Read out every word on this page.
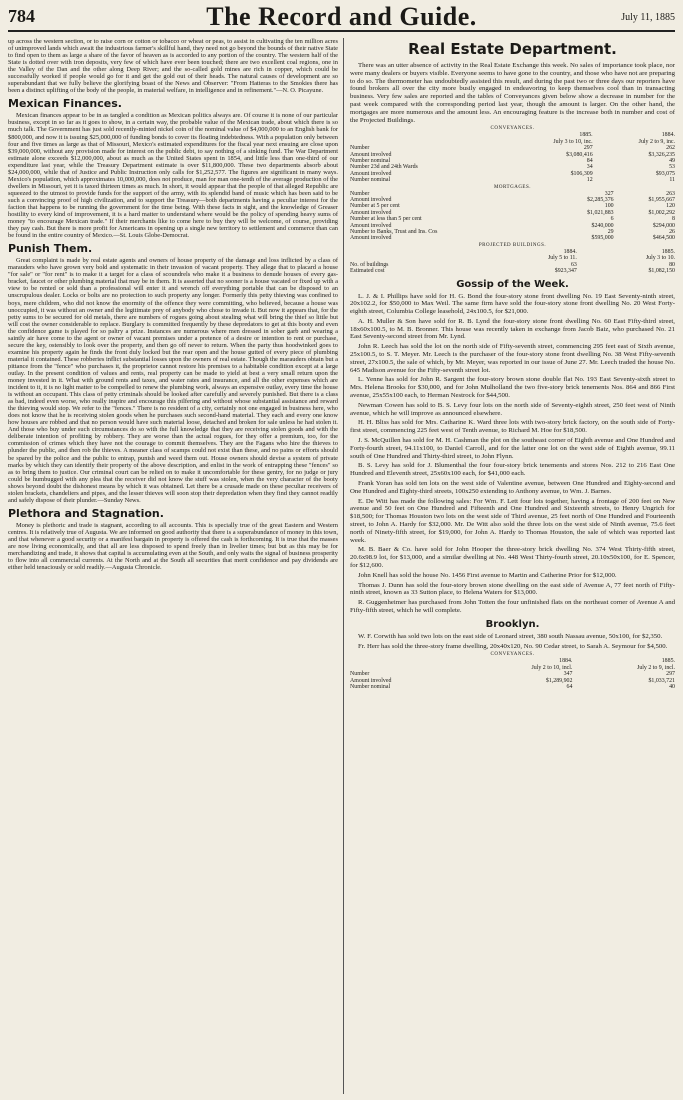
784	The Record and Guide.	July 11, 1885

up across the western section, or to raise corn or cotton or tobacco or wheat or peas, to assist in cultivating the ten million acres of unimproved lands which await the industrious farmer's skillful hand, they need not go beyond the bounds of their native State to find open to them as large a share of the favor of heaven as is accorded to any portion of the country. The western half of the State is dotted over with iron deposits, very few of which have ever been touched; there are two excellent coal regions, one in the Valley of the Dan and the other along Deep River; and the so-called gold mines are rich in copper, which could be successfully worked if people would go for it and get the gold out of their heads. The natural causes of development are so superabundant that we fully believe the glorifying boast of the News and Observer: "From Hatteras to the Smokies there has been a distinct uplifting of the body of the people, in material welfare, in intelligence and in refinement."—N. O. Picayune.

Mexican Finances.

Mexican finances appear to be in as tangled a condition as Mexican politics always are. Of course it is none of our particular business, except in so far as it goes to show, in a certain way, the probable value of the Mexican trade, about which there is so much talk. The Government has just sold recently-minted nickel coin of the nominal value of $4,000,000 to an English bank for $800,000, and now it is issuing $25,000,000 of funding bonds to cover its floating indebtedness. With a population only between four and five times as large as that of Missouri, Mexico's estimated expenditures for the fiscal year next ensuing are close upon $39,000,000, without any provision made for interest on the public debt, to say nothing of a sinking fund. The War Department estimate alone exceeds $12,000,000, about as much as the United States spent in 1854, and little less than one-third of our expenditure last year, while the Treasury Department estimate is over $11,800,000. These two departments absorb about $24,000,000, while that of Justice and Public Instruction only calls for $1,252,577. The figures are significant in many ways. Mexico's population, which approximates 10,000,000, does not produce, man for man one-tenth of the average production of the dwellers in Missouri, yet it is taxed thirteen times as much. In short, it would appear that the people of that alleged Republic are squeezed to the utmost to provide funds for the support of the army, with its splendid band of music which has been said to be such a convincing proof of high civilization, and to support the Treasury—both departments having a peculiar interest for the faction that happens to be running the government for the time being. With these facts in sight, and the knowledge of Greaser hostility to every kind of improvement, it is a hard matter to understand where would be the policy of spending heavy sums of money "to encourage Mexican trade." If their merchants like to come here to buy they will be welcome, of course, providing they pay cash. But there is more profit for Americans in opening up a single new territory to settlement and commerce than can be found in the entire country of Mexico.—St. Louis Globe-Democrat.

Punish Them.

Great complaint is made by real estate agents and owners of house property of the damage and loss inflicted by a class of marauders who have grown very bold and systematic in their invasion of vacant property. They allege that to placard a house "for sale" or "for rent" is to make it a target for a class of scoundrels who make it a business to denude houses of every gas-bracket, faucet or other plumbing material that may be in them. It is asserted that no sooner is a house vacated or fixed up with a view to be rented or sold than a professional will enter it and wrench off everything portable that can be disposed to an unscrupulous dealer. Locks or bolts are no protection to such property any longer. Formerly this petty thieving was confined to boys, mere children, who did not know the enormity of the offence they were committing, who believed, because a house was unoccupied, it was without an owner and the legitimate prey of anybody who chose to invade it. But now it appears that, for the petty sums to be secured for old metals, there are numbers of rogues going about stealing what will bring the thief so little but will cost the owner considerable to replace. Burglary is committed frequently by these depredators to get at this booty and even the confidence game is played for so paltry a prize. Instances are numerous where men dressed in sober garb and wearing a saintly air have come to the agent or owner of vacant premises under a pretence of a desire or intention to rent or purchase, secure the key, ostensibly to look over the property, and then go off never to return. When the party thus hoodwinked goes to examine his property again he finds the front duly locked but the rear open and the house gutted of every piece of plumbing material it contained. These robberies inflict substantial losses upon the owners of real estate. Though the marauders obtain but a pittance from the "fence" who purchases it, the proprietor cannot restore his premises to a habitable condition except at a large outlay. In the present condition of values and rents, real property can be made to yield at best a very small return upon the money invested in it. What with ground rents and taxes, and water rates and insurance, and all the other expenses which are incident to it, it is no light matter to be compelled to renew the plumbing work, always an expensive outlay, every time the house is without an occupant. This class of petty criminals should be looked after carefully and severely punished. But there is a class as bad, indeed even worse, who really inspire and encourage this pilfering and without whose substantial assistance and reward the thieving would stop. We refer to the "fences." There is no resident of a city, certainly not one engaged in business here, who does not know that he is receiving stolen goods when he purchases such second-hand material. They each and every one know how houses are robbed and that no person would have such material loose, detached and broken for sale unless he had stolen it. And those who buy under such circumstances do so with the full knowledge that they are receiving stolen goods and with the deliberate intention of profiting by robbery. They are worse than the actual rogues, for they offer a premium, too, for the commission of crimes which they have not the courage to commit themselves. They are the Fagans who hire the thieves to plunder the public, and then rob the thieves. A meaner class of scamps could not exist than these, and no pains or efforts should be spared by the police and the public to entrap, punish and weed them out. House owners should devise a system of private marks by which they can identify their property of the above description, and enlist in the work of entrapping these "fences" so as to bring them to justice. Our criminal court can be relied on to make it uncomfortable for these gentry, for no judge or jury could be humbugged with any plea that the receiver did not know the stuff was stolen, when the very character of the booty shows beyond doubt the dishonest means by which it was obtained. Let there be a crusade made on these peculiar receivers of stolen brackets, chandeliers and pipes, and the lesser thieves will soon stop their depredation when they find they cannot readily and safely dispose of their plunder.—Sunday News.

Plethora and Stagnation.

Money is plethoric and trade is stagnant, according to all accounts. This is specially true of the great Eastern and Western centres. It is relatively true of Augusta. We are informed on good authority that there is a superabundance of money in this town, and that whenever a good security or a manifest bargain in property is offered the cash is forthcoming. It is true that the masses are now living economically, and that all are less disposed to spend freely than in livelier times; but but as this may be for merchandizing and trade, it shows that capital is accumulating even at the South, and only waits the signal of business prosperity to flow into all commercial currents. At the North and at the South all securities that merit confidence and pay dividends are either held tenaciously or sold readily.—Augusta Chronicle.

Real Estate Department.

There was an utter absence of activity in the Real Estate Exchange this week. No sales of importance took place, nor were many dealers or buyers visible. Everyone seems to have gone to the country, and those who have not are preparing to do so. The thermometer has undoubtedly assisted this result, and during the past two or three days our reporters have found brokers all over the city more busily engaged in endeavoring to keep themselves cool than in transacting business. Very few sales are reported and the tables of Conveyances given below show a decrease in number for the past week compared with the corresponding period last year, though the amount is larger. On the other hand, the mortgages are more numerous and the amount less. An encouraging feature is the increase both in number and cost of the Projected Buildings.

CONVEYANCES.
	1885.	1884.
	July 3 to 10, inc.	July 2 to 9, inc.
Number	297	262
Amount involved	$3,080,416	$3,326,235
Number nominal	84	49
Number 23d and 24th Wards	34	53
Amount involved	$106,309	$93,075
Number nominal	12	11
MORTGAGES.
Number	327	263
Amount involved	$2,285,376	$1,955,667
Number at 5 per cent	100	120
Amount involved	$1,021,883	$1,002,292
Number at less than 5 per cent	6	8
Amount involved	$240,000	$294,000
Number to Banks, Trust and Ins. Cos	29	26
Amount involved	$595,000	$464,500
PROJECTED BUILDINGS.
	1884.	1885.
	July 5 to 11.	July 3 to 10.
No. of buildings	63	80
Estimated cost	$923,347	$1,082,150
Gossip of the Week.

L. J. & I. Phillips have sold for H. G. Bond the four-story stone front dwelling No. 19 East Seventy-ninth street, 20x102.2, for $50,000 to Max Weil. The same firm have sold the four-story stone front dwelling No. 20 West Forty-eighth street, Columbia College leasehold, 24x100.5, for $21,000.

A. H. Muller & Son have sold for R. B. Lynd the four-story stone front dwelling No. 60 East Fifty-third street, 18x60x100.5, to M. B. Bronner. This house was recently taken in exchange from Jacob Baiz, who purchased No. 21 East Seventy-second street from Mr. Lynd.

John R. Leech has sold the lot on the north side of Fifty-seventh street, commencing 295 feet east of Sixth avenue, 25x100.5, to S. T. Meyer. Mr. Leech is the purchaser of the four-story stone front dwelling No. 38 West Fifty-seventh street, 27x100.5, the sale of which, by Mr. Meyer, was reported in our issue of June 27. Mr. Leech traded the house No. 645 Madison avenue for the Fifty-seventh street lot.

L. Yenne has sold for John R. Sargent the four-story brown stone double flat No. 193 East Seventy-sixth street to Mrs. Helena Brooks for $30,000, and for John Mulholland the two five-story brick tenements Nos. 864 and 866 First avenue, 25x55x100 each, to Herman Nestrock for $44,500.

Newman Cowen has sold to B. S. Levy four lots on the north side of Seventy-eighth street, 250 feet west of Ninth avenue, which he will improve as announced elsewhere.

H. H. Bliss has sold for Mrs. Catharine K. Ward three lots with two-story brick factory, on the south side of Forty-first street, commencing 225 feet west of Tenth avenue, to Richard M. Hoe for $18,500.

J. S. McQuillen has sold for M. H. Cashman the plot on the southeast corner of Eighth avenue and One Hundred and Forty-fourth street, 94.11x100, to Daniel Carroll, and for the latter one lot on the west side of Eighth avenue, 99.11 south of One Hundred and Thirty-third street, to John Flynn.

B. S. Levy has sold for J. Blumenthal the four four-story brick tenements and stores Nos. 212 to 216 East One Hundred and Eleventh street, 25x60x100 each, for $41,000 each.

Frank Yoran has sold ten lots on the west side of Valentine avenue, between One Hundred and Eighty-second and One Hundred and Eighty-third streets, 100x250 extending to Anthony avenue, to Wm. J. Barnes.

E. De Witt has made the following sales: For Wm. F. Lett four lots together, having a frontage of 200 feet on New avenue and 50 feet on One Hundred and Fifteenth and One Hundred and Sixteenth streets, to Henry Ungrich for $18,500; for Thomas Houston two lots on the west side of Third avenue, 25 feet north of One Hundred and Fourteenth street, to John A. Hardy for $32,000. Mr. De Witt also sold the three lots on the west side of Ninth avenue, 75.6 feet north of Ninety-fifth street, for $19,000, for John A. Hardy to Thomas Houston, the sale of which was reported last week.

M. B. Baer & Co. have sold for John Hooper the three-story brick dwelling No. 374 West Thirty-fifth street, 20.6x98.9 lot, for $13,000, and a similar dwelling at No. 448 West Thirty-fourth street, 20.10x50x100, for E. Spencer, for $12,600.

John Knell has sold the house No. 1456 First avenue to Martin and Catherine Prior for $12,000.

Thomas J. Dunn has sold the four-story brown stone dwelling on the east side of Avenue A, 77 feet north of Fifty-ninth street, known as 33 Sutton place, to Helena Waters for $13,000.

R. Guggenheimer has purchased from John Totten the four unfinished flats on the northeast corner of Avenue A and Fifty-fifth street, which he will complete.

Brooklyn.

W. F. Corwith has sold two lots on the east side of Leonard street, 380 south Nassau avenue, 50x100, for $2,350.

Fr. Herr has sold the three-story frame dwelling, 20x40x120, No. 90 Cedar street, to Sarah A. Seymour for $4,500.

CONVEYANCES.
	1884.	1885.
	July 2 to 10, incl.	July 2 to 9, incl.
Number	347	297
Amount involved	$1,289,902	$1,033,721
Number nominal	64	40
